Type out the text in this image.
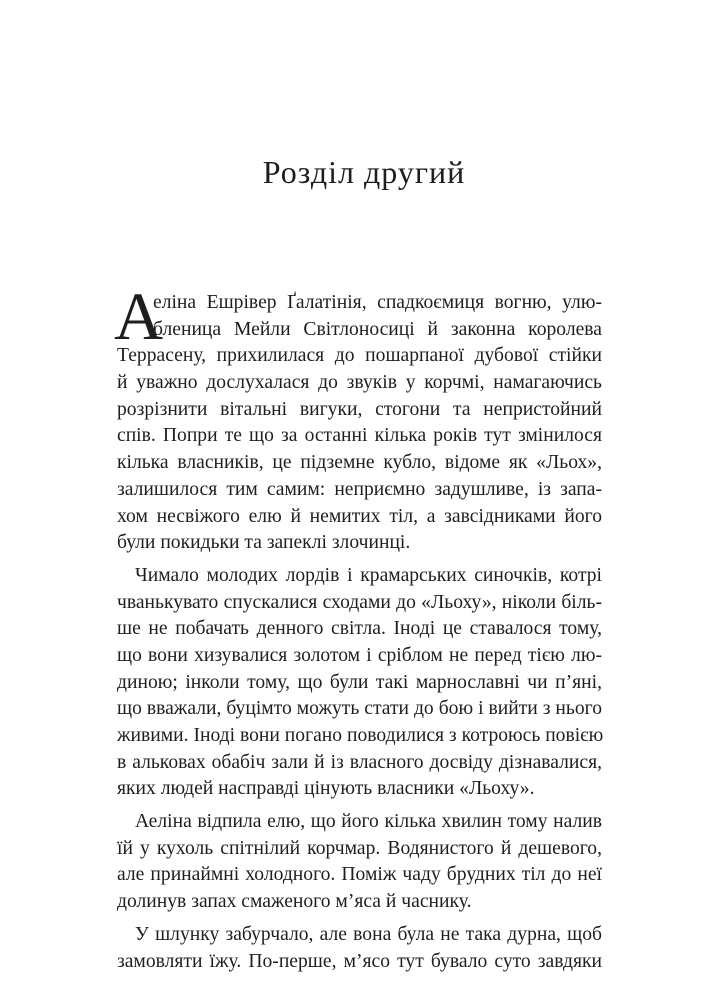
Розділ другий
А
еліна Ешрівер Ґалатінія, спадкоємиця вогню, улю-
бленица Мейли Світлоносиці й законна королева
Террасену, прихилилася до пошарпаної дубової стійки
й уважно дослухалася до звуків у корчмі, намагаючись
розрізнити вітальні вигуки, стогони та непристойний
спів. Попри те що за останні кілька років тут змінилося
кілька власників, це підземне кубло, відоме як «Льох»,
залишилося тим самим: неприємно задушливе, із запа-
хом несвіжого елю й немитих тіл, а завсідниками його
були покидьки та запеклі злочинці.
Чимало молодих лордів і крамарських синочків, котрі
чванькувато спускалися сходами до «Льоху», ніколи біль-
ше не побачать денного світла. Іноді це ставалося тому,
що вони хизувалися золотом і сріблом не перед тією лю-
диною; інколи тому, що були такі марнославні чи п’яні,
що вважали, буцімто можуть стати до бою і вийти з нього
живими. Іноді вони погано поводилися з котроюсь повією
в альковах обабіч зали й із власного досвіду дізнавалися,
яких людей насправді цінують власники «Льоху».
Аеліна відпила елю, що його кілька хвилин тому налив
їй у кухоль спітнілий корчмар. Водянистого й дешевого,
але принаймні холодного. Поміж чаду брудних тіл до неї
долинув запах смаженого м’яса й часнику.
У шлунку забурчало, але вона була не така дурна, щоб
замовляти їжу. По-перше, м’ясо тут бувало суто завдяки
